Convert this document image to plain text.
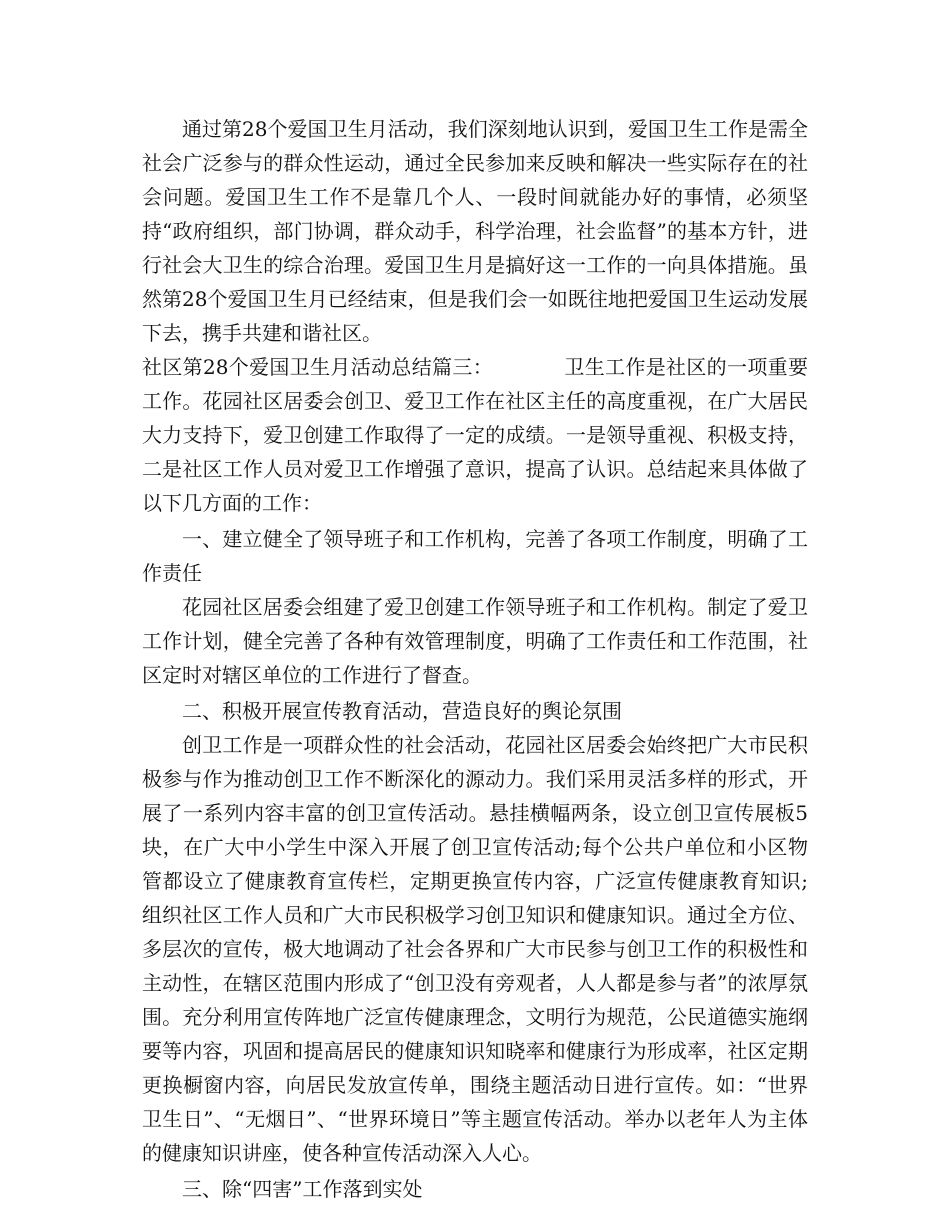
通过第28个爱国卫生月活动，我们深刻地认识到，爱国卫生工作是需全社会广泛参与的群众性运动，通过全民参加来反映和解决一些实际存在的社会问题。爱国卫生工作不是靠几个人、一段时间就能办好的事情，必须坚持“政府组织，部门协调，群众动手，科学治理，社会监督”的基本方针，进行社会大卫生的综合治理。爱国卫生月是搞好这一工作的一向具体措施。虽然第28个爱国卫生月已经结束，但是我们会一如既往地把爱国卫生运动发展下去，携手共建和谐社区。

社区第28个爱国卫生月活动总结篇三：　　　　卫生工作是社区的一项重要工作。花园社区居委会创卫、爱卫工作在社区主任的高度重视，在广大居民大力支持下，爱卫创建工作取得了一定的成绩。一是领导重视、积极支持，二是社区工作人员对爱卫工作增强了意识，提高了认识。总结起来具体做了以下几方面的工作：

一、建立健全了领导班子和工作机构，完善了各项工作制度，明确了工作责任

花园社区居委会组建了爱卫创建工作领导班子和工作机构。制定了爱卫工作计划，健全完善了各种有效管理制度，明确了工作责任和工作范围，社区定时对辖区单位的工作进行了督查。

二、积极开展宣传教育活动，营造良好的舆论氛围

创卫工作是一项群众性的社会活动，花园社区居委会始终把广大市民积极参与作为推动创卫工作不断深化的源动力。我们采用灵活多样的形式，开展了一系列内容丰富的创卫宣传活动。悬挂横幅两条，设立创卫宣传展板5块，在广大中小学生中深入开展了创卫宣传活动;每个公共户单位和小区物管都设立了健康教育宣传栏，定期更换宣传内容，广泛宣传健康教育知识;组织社区工作人员和广大市民积极学习创卫知识和健康知识。通过全方位、多层次的宣传，极大地调动了社会各界和广大市民参与创卫工作的积极性和主动性，在辖区范围内形成了“创卫没有旁观者，人人都是参与者”的浓厚氛围。充分利用宣传阵地广泛宣传健康理念，文明行为规范，公民道德实施纲要等内容，巩固和提高居民的健康知识知晓率和健康行为形成率，社区定期更换橱窗内容，向居民发放宣传单，围绕主题活动日进行宣传。如：“世界卫生日”、“无烟日”、“世界环境日”等主题宣传活动。举办以老年人为主体的健康知识讲座，使各种宣传活动深入人心。

三、除“四害”工作落到实处
